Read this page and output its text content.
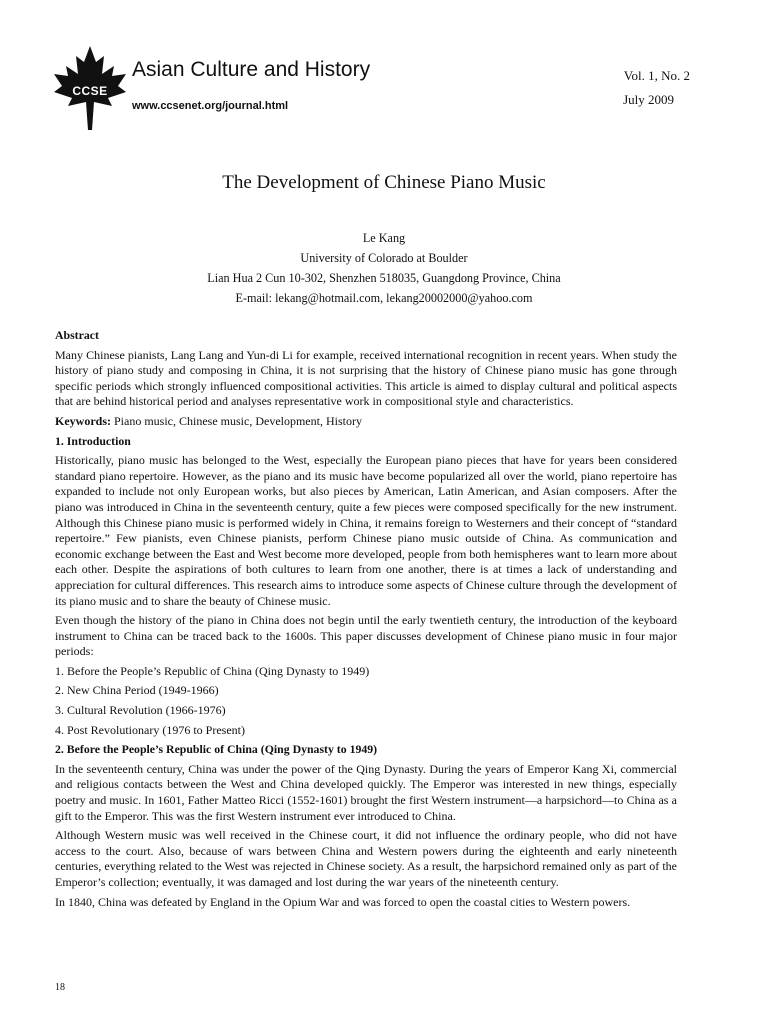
CCSE
Asian Culture and History
www.ccsenet.org/journal.html
Vol. 1, No. 2
July 2009
The Development of Chinese Piano Music
Le Kang
University of Colorado at Boulder
Lian Hua 2 Cun 10-302, Shenzhen 518035, Guangdong Province, China
E-mail: lekang@hotmail.com, lekang20002000@yahoo.com
Abstract

Many Chinese pianists, Lang Lang and Yun-di Li for example, received international recognition in recent years. When study the history of piano study and composing in China, it is not surprising that the history of Chinese piano music has gone through specific periods which strongly influenced compositional activities. This article is aimed to display cultural and political aspects that are behind historical period and analyses representative work in compositional style and characteristics.

Keywords: Piano music, Chinese music, Development, History

1. Introduction

Historically, piano music has belonged to the West, especially the European piano pieces that have for years been considered standard piano repertoire. However, as the piano and its music have become popularized all over the world, piano repertoire has expanded to include not only European works, but also pieces by American, Latin American, and Asian composers. After the piano was introduced in China in the seventeenth century, quite a few pieces were composed specifically for the new instrument. Although this Chinese piano music is performed widely in China, it remains foreign to Westerners and their concept of “standard repertoire.” Few pianists, even Chinese pianists, perform Chinese piano music outside of China. As communication and economic exchange between the East and West become more developed, people from both hemispheres want to learn more about each other. Despite the aspirations of both cultures to learn from one another, there is at times a lack of understanding and appreciation for cultural differences. This research aims to introduce some aspects of Chinese culture through the development of its piano music and to share the beauty of Chinese music.

Even though the history of the piano in China does not begin until the early twentieth century, the introduction of the keyboard instrument to China can be traced back to the 1600s. This paper discusses development of Chinese piano music in four major periods:

1. Before the People’s Republic of China (Qing Dynasty to 1949)
2. New China Period (1949-1966)
3. Cultural Revolution (1966-1976)
4. Post Revolutionary (1976 to Present)
2. Before the People’s Republic of China (Qing Dynasty to 1949)

In the seventeenth century, China was under the power of the Qing Dynasty. During the years of Emperor Kang Xi, commercial and religious contacts between the West and China developed quickly. The Emperor was interested in new things, especially poetry and music. In 1601, Father Matteo Ricci (1552-1601) brought the first Western instrument—a harpsichord—to China as a gift to the Emperor. This was the first Western instrument ever introduced to China.

Although Western music was well received in the Chinese court, it did not influence the ordinary people, who did not have access to the court. Also, because of wars between China and Western powers during the eighteenth and early nineteenth centuries, everything related to the West was rejected in Chinese society. As a result, the harpsichord remained only as part of the Emperor’s collection; eventually, it was damaged and lost during the war years of the nineteenth century.

In 1840, China was defeated by England in the Opium War and was forced to open the coastal cities to Western powers.

18
